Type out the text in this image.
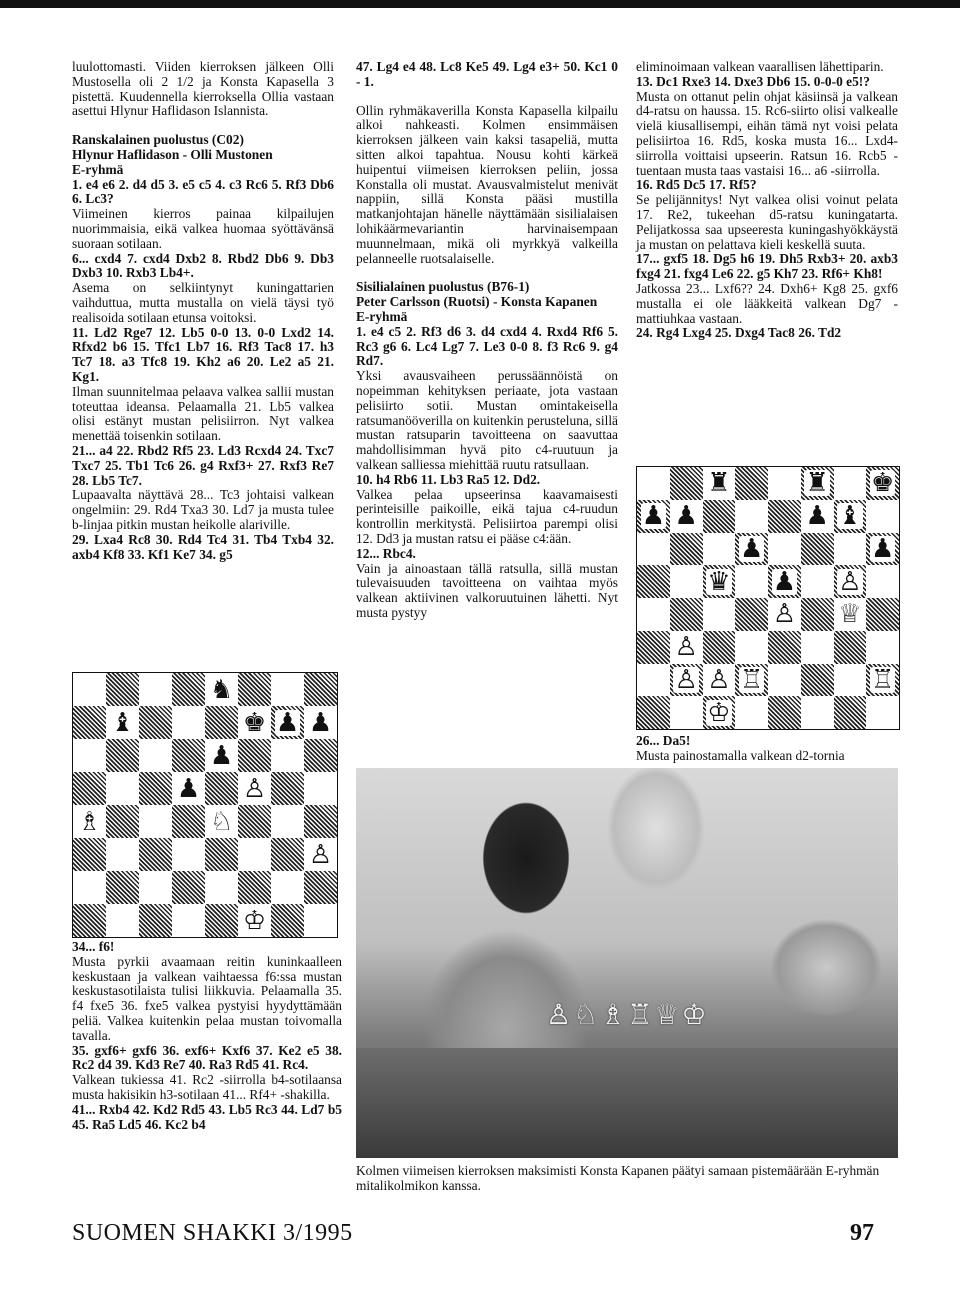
luulottomasti. Viiden kierroksen jälkeen Olli Mustosella oli 2 1/2 ja Konsta Kapasella 3 pistettä. Kuudennella kierroksella Ollia vastaan asettui Hlynur Haflidason Islannista.

Ranskalainen puolustus (C02)

Hlynur Haflidason - Olli Mustonen

E-ryhmä

1. e4 e6 2. d4 d5 3. e5 c5 4. c3 Rc6 5. Rf3 Db6 6. Lc3?

Viimeinen kierros painaa kilpailujen nuorimmaisia, eikä valkea huomaa syöttävänsä suoraan sotilaan.

6... cxd4 7. cxd4 Dxb2 8. Rbd2 Db6 9. Db3 Dxb3 10. Rxb3 Lb4+.

Asema on selkiintynyt kuningattarien vaihduttua, mutta mustalla on vielä täysi työ realisoida sotilaan etunsa voitoksi.

11. Ld2 Rge7 12. Lb5 0-0 13. 0-0 Lxd2 14. Rfxd2 b6 15. Tfc1 Lb7 16. Rf3 Tac8 17. h3 Tc7 18. a3 Tfc8 19. Kh2 a6 20. Le2 a5 21. Kg1.

Ilman suunnitelmaa pelaava valkea sallii mustan toteuttaa ideansa. Pelaamalla 21. Lb5 valkea olisi estänyt mustan pelisiirron. Nyt valkea menettää toisenkin sotilaan.

21... a4 22. Rbd2 Rf5 23. Ld3 Rcxd4 24. Txc7 Txc7 25. Tb1 Tc6 26. g4 Rxf3+ 27. Rxf3 Re7 28. Lb5 Tc7.

Lupaavalta näyttävä 28... Tc3 johtaisi valkean ongelmiin: 29. Rd4 Txa3 30. Ld7 ja musta tulee b-linjaa pitkin mustan heikolle alariville.

29. Lxa4 Rc8 30. Rd4 Tc4 31. Tb4 Txb4 32. axb4 Kf8 33. Kf1 Ke7 34. g5

♞
♝	♚ ♟ ♟
♟
♟ ♙
♗	♘
♙
♔

34... f6!

Musta pyrkii avaamaan reitin kuninkaalleen keskustaan ja valkean vaihtaessa f6:ssa mustan keskustasotilaista tulisi liikkuvia. Pelaamalla 35. f4 fxe5 36. fxe5 valkea pystyisi hyydyttämään peliä. Valkea kuitenkin pelaa mustan toivomalla tavalla.

35. gxf6+ gxf6 36. exf6+ Kxf6 37. Ke2 e5 38. Rc2 d4 39. Kd3 Re7 40. Ra3 Rd5 41. Rc4.

Valkean tukiessa 41. Rc2 -siirrolla b4-sotilaansa musta hakisikin h3-sotilaan 41... Rf4+ -shakilla.

41... Rxb4 42. Kd2 Rd5 43. Lb5 Rc3 44. Ld7 b5 45. Ra5 Ld5 46. Kc2 b4

47. Lg4 e4 48. Lc8 Ke5 49. Lg4 e3+ 50. Kc1 0 - 1.

Ollin ryhmäkaverilla Konsta Kapasella kilpailu alkoi nahkeasti. Kolmen ensimmäisen kierroksen jälkeen vain kaksi tasapeliä, mutta sitten alkoi tapahtua. Nousu kohti kärkeä huipentui viimeisen kierroksen peliin, jossa Konstalla oli mustat. Avausvalmistelut menivät nappiin, sillä Konsta pääsi mustilla matkanjohtajan hänelle näyttämään sisilialaisen lohikäärmevariantin harvinaisempaan muunnelmaan, mikä oli myrkkyä valkeilla pelanneelle ruotsalaiselle.

Sisilialainen puolustus (B76-1)

Peter Carlsson (Ruotsi) - Konsta Kapanen

E-ryhmä

1. e4 c5 2. Rf3 d6 3. d4 cxd4 4. Rxd4 Rf6 5. Rc3 g6 6. Lc4 Lg7 7. Le3 0-0 8. f3 Rc6 9. g4 Rd7.

Yksi avausvaiheen perussäännöistä on nopeimman kehityksen periaate, jota vastaan pelisiirto sotii. Mustan omintakeisella ratsumanööverilla on kuitenkin perusteluna, sillä mustan ratsuparin tavoitteena on saavuttaa mahdollisimman hyvä pito c4-ruutuun ja valkean salliessa miehittää ruutu ratsullaan.

10. h4 Rb6 11. Lb3 Ra5 12. Dd2.

Valkea pelaa upseerinsa kaavamaisesti perinteisille paikoille, eikä tajua c4-ruudun kontrollin merkitystä. Pelisiirtoa parempi olisi 12. Dd3 ja mustan ratsu ei pääse c4:ään.

12... Rbc4.

Vain ja ainoastaan tällä ratsulla, sillä mustan tulevaisuuden tavoitteena on vaihtaa myös valkean aktiivinen valkoruutuinen lähetti. Nyt musta pystyy

eliminoimaan valkean vaarallisen lähettiparin.

13. Dc1 Rxe3 14. Dxe3 Db6 15. 0-0-0 e5!?

Musta on ottanut pelin ohjat käsiinsä ja valkean d4-ratsu on haussa. 15. Rc6-siirto olisi valkealle vielä kiusallisempi, eihän tämä nyt voisi pelata pelisiirtoa 16. Rd5, koska musta 16... Lxd4-siirrolla voittaisi upseerin. Ratsun 16. Rcb5 -tuentaan musta taas vastaisi 16... a6 -siirrolla.

16. Rd5 Dc5 17. Rf5?

Se pelijännitys! Nyt valkea olisi voinut pelata 17. Re2, tukeehan d5-ratsu kuningatarta. Pelijatkossa saa upseeresta kuningashyökkäystä ja mustan on pelattava kieli keskellä suuta.

17... gxf5 18. Dg5 h6 19. Dh5 Rxb3+ 20. axb3 fxg4 21. fxg4 Le6 22. g5 Kh7 23. Rf6+ Kh8!

Jatkossa 23... Lxf6?? 24. Dxh6+ Kg8 25. gxf6 mustalla ei ole lääkkeitä valkean Dg7 -mattiuhkaa vastaan.

24. Rg4 Lxg4 25. Dxg4 Tac8 26. Td2

♜	♜ ♚
♟ ♟	♟ ♝
♟	♟
♛ ♟ ♙
♙ ♕
♙
♙ ♙ ♖	♖
♔
26... Da5!
Musta painostamalla valkean d2-tornia
♙♘♗♖♕♔
Kolmen viimeisen kierroksen maksimisti Konsta Kapanen päätyi samaan pistemäärään E-ryhmän mitalikolmikon kanssa.
SUOMEN SHAKKI 3/1995	97
